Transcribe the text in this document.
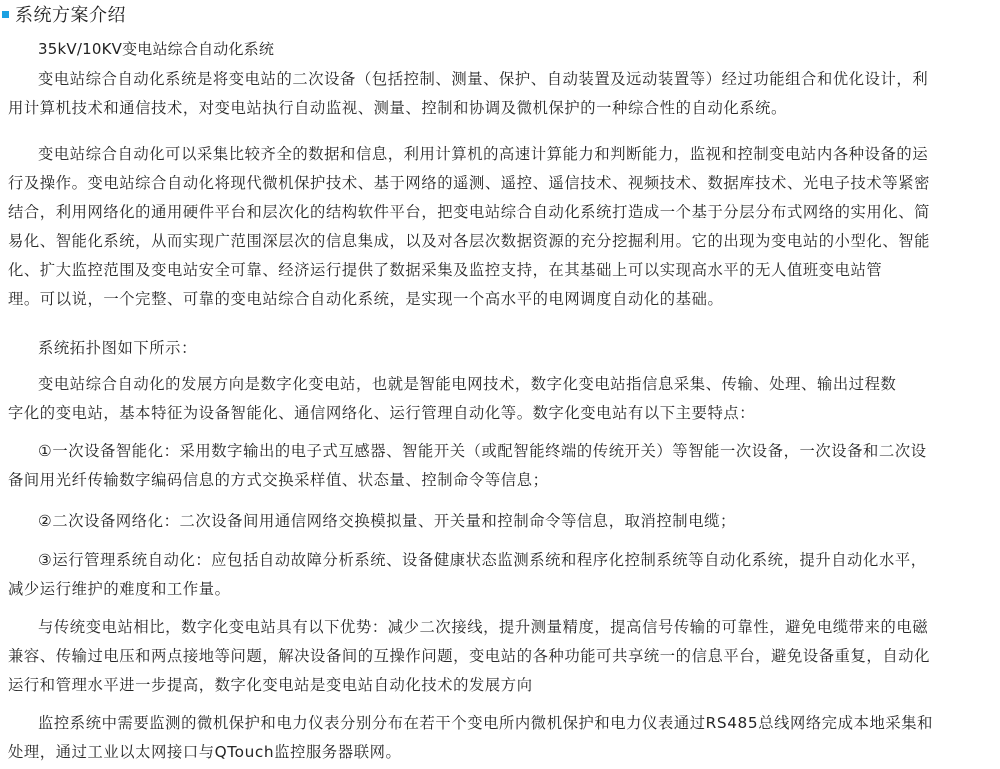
系统方案介绍
35kV/10KV变电站综合自动化系统

变电站综合自动化系统是将变电站的二次设备（包括控制、测量、保护、自动装置及远动装置等）经过功能组合和优化设计，利
用计算机技术和通信技术，对变电站执行自动监视、测量、控制和协调及微机保护的一种综合性的自动化系统。

变电站综合自动化可以采集比较齐全的数据和信息，利用计算机的高速计算能力和判断能力，监视和控制变电站内各种设备的运
行及操作。变电站综合自动化将现代微机保护技术、基于网络的遥测、遥控、遥信技术、视频技术、数据库技术、光电子技术等紧密
结合，利用网络化的通用硬件平台和层次化的结构软件平台，把变电站综合自动化系统打造成一个基于分层分布式网络的实用化、简
易化、智能化系统，从而实现广范围深层次的信息集成，以及对各层次数据资源的充分挖掘利用。它的出现为变电站的小型化、智能
化、扩大监控范围及变电站安全可靠、经济运行提供了数据采集及监控支持，在其基础上可以实现高水平的无人值班变电站管
理。可以说，一个完整、可靠的变电站综合自动化系统，是实现一个高水平的电网调度自动化的基础。

系统拓扑图如下所示：

变电站综合自动化的发展方向是数字化变电站，也就是智能电网技术，数字化变电站指信息采集、传输、处理、输出过程数
字化的变电站，基本特征为设备智能化、通信网络化、运行管理自动化等。数字化变电站有以下主要特点：

①一次设备智能化：采用数字输出的电子式互感器、智能开关（或配智能终端的传统开关）等智能一次设备，一次设备和二次设
备间用光纤传输数字编码信息的方式交换采样值、状态量、控制命令等信息；

②二次设备网络化：二次设备间用通信网络交换模拟量、开关量和控制命令等信息，取消控制电缆；

③运行管理系统自动化：应包括自动故障分析系统、设备健康状态监测系统和程序化控制系统等自动化系统，提升自动化水平，
减少运行维护的难度和工作量。

与传统变电站相比，数字化变电站具有以下优势：减少二次接线，提升测量精度，提高信号传输的可靠性，避免电缆带来的电磁
兼容、传输过电压和两点接地等问题，解决设备间的互操作问题，变电站的各种功能可共享统一的信息平台，避免设备重复，自动化
运行和管理水平进一步提高，数字化变电站是变电站自动化技术的发展方向

监控系统中需要监测的微机保护和电力仪表分别分布在若干个变电所内微机保护和电力仪表通过RS485总线网络完成本地采集和
处理，通过工业以太网接口与QTouch监控服务器联网。
